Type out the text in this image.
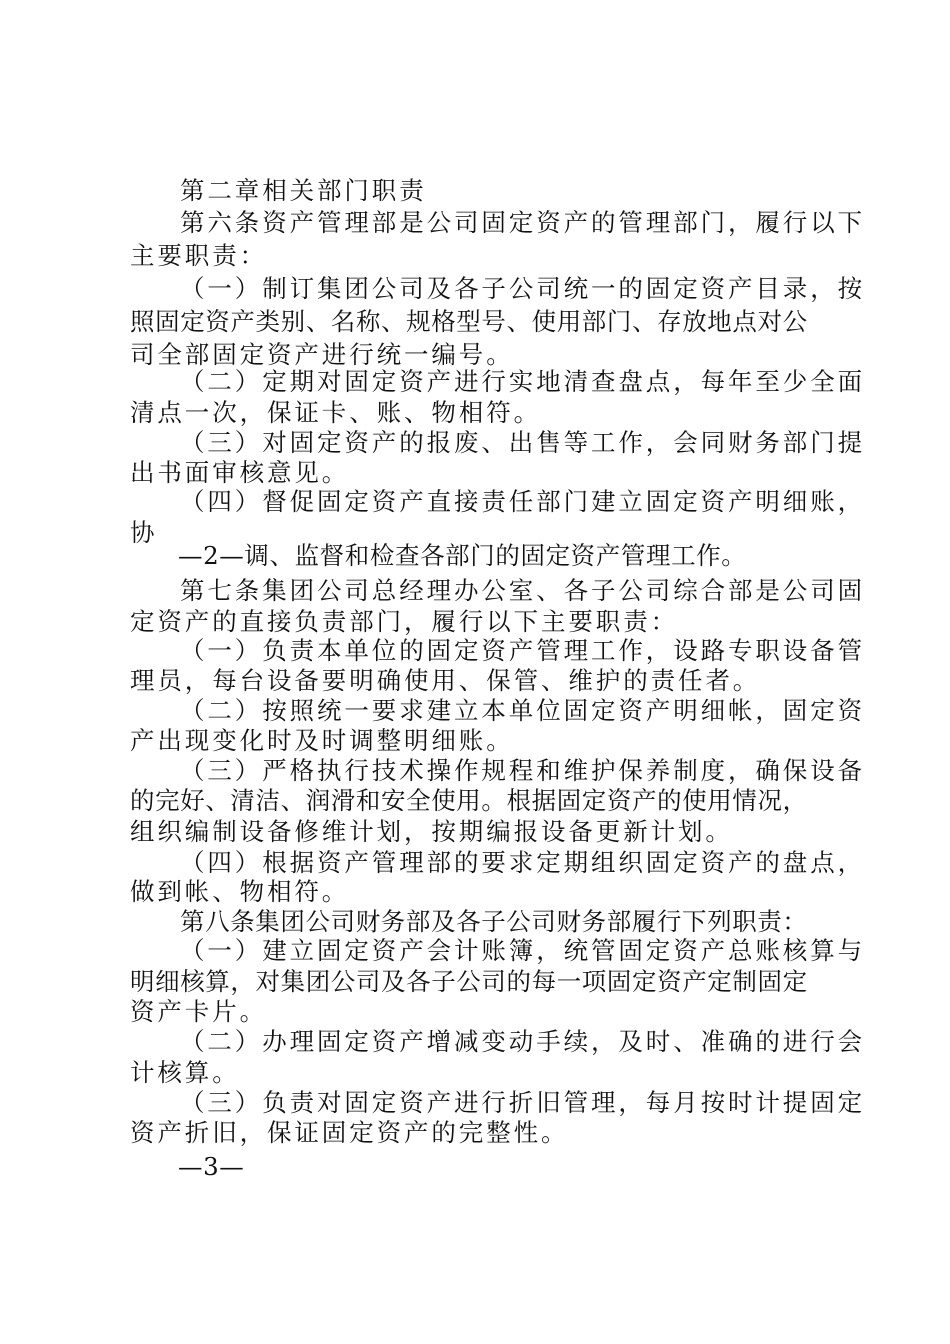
第二章相关部门职责
第六条资产管理部是公司固定资产的管理部门，履行以下
主要职责：
（一）制订集团公司及各子公司统一的固定资产目录，按
照固定资产类别、名称、规格型号、使用部门、存放地点对公
司全部固定资产进行统一编号。
（二）定期对固定资产进行实地清查盘点，每年至少全面
清点一次，保证卡、账、物相符。
（三）对固定资产的报废、出售等工作，会同财务部门提
出书面审核意见。
（四）督促固定资产直接责任部门建立固定资产明细账，
协
—2—调、监督和检查各部门的固定资产管理工作。
第七条集团公司总经理办公室、各子公司综合部是公司固
定资产的直接负责部门，履行以下主要职责：
（一）负责本单位的固定资产管理工作，设路专职设备管
理员，每台设备要明确使用、保管、维护的责任者。
（二）按照统一要求建立本单位固定资产明细帐，固定资
产出现变化时及时调整明细账。
（三）严格执行技术操作规程和维护保养制度，确保设备
的完好、清洁、润滑和安全使用。根据固定资产的使用情况，
组织编制设备修维计划，按期编报设备更新计划。
（四）根据资产管理部的要求定期组织固定资产的盘点，
做到帐、物相符。
第八条集团公司财务部及各子公司财务部履行下列职责：
（一）建立固定资产会计账簿，统管固定资产总账核算与
明细核算，对集团公司及各子公司的每一项固定资产定制固定
资产卡片。
（二）办理固定资产增减变动手续，及时、准确的进行会
计核算。
（三）负责对固定资产进行折旧管理，每月按时计提固定
资产折旧，保证固定资产的完整性。
—3—
